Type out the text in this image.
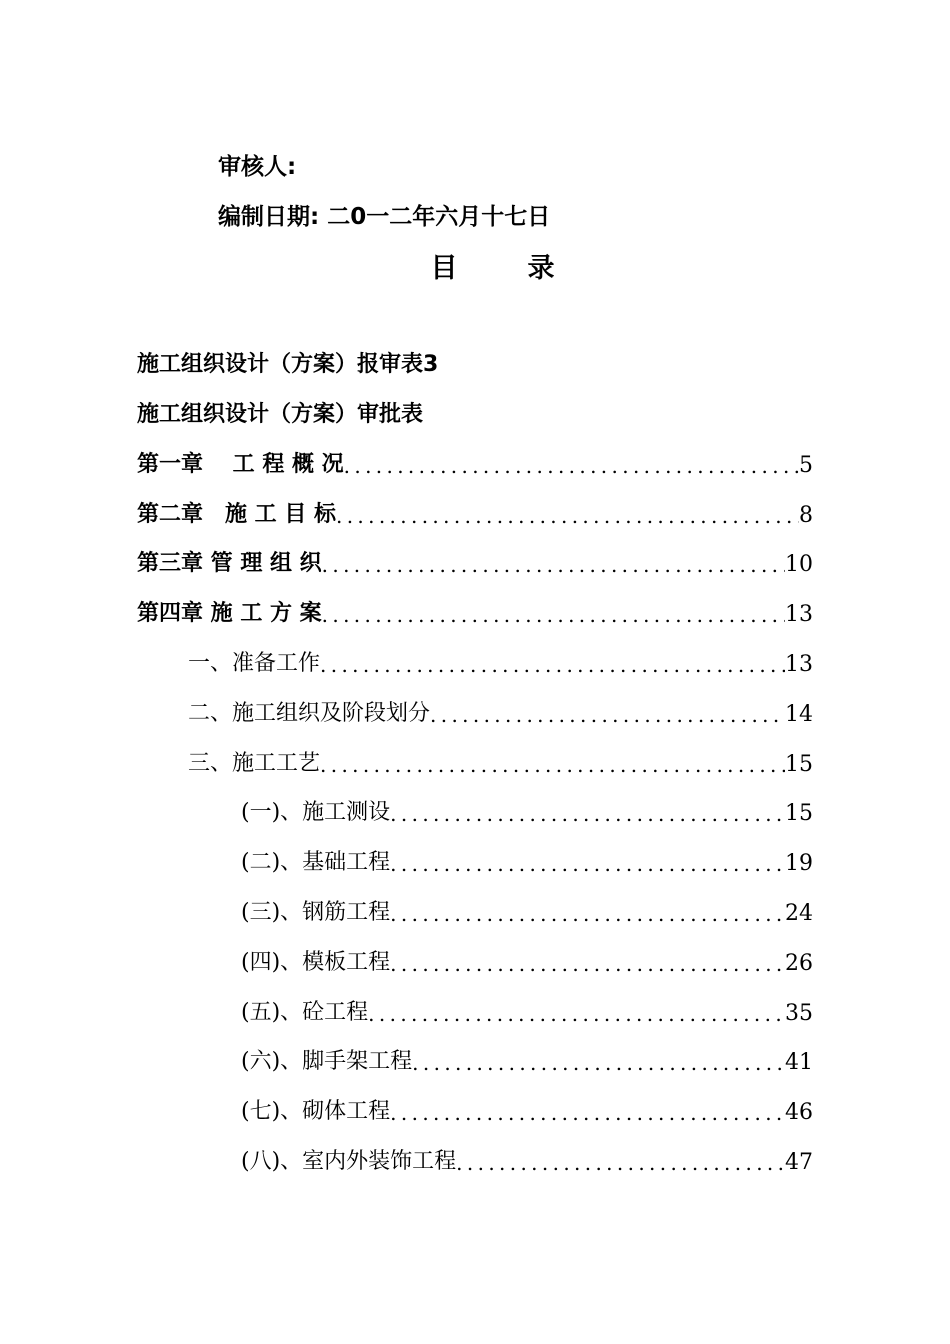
审核人:
编制日期: 二0一二年六月十七日
目	录
施工组织设计（方案）报审表3
施工组织设计（方案）审批表
第一章　 工 程 概 况 . . .	5
第二章　施 工 目 标 . . .	8
第三章 管 理 组 织 . . .	10
第四章 施 工 方 案 . . .	13
一、准备工作 . . .	13
二、施工组织及阶段划分 . . .	14
三、施工工艺 . . .	15
(一)、施工测设 . . .	15
(二)、基础工程 . . .	19
(三)、钢筋工程 . . .	24
(四)、模板工程 . . .	26
(五)、砼工程 . . .	35
(六)、脚手架工程 . . .	41
(七)、砌体工程 . . .	46
(八)、室内外装饰工程 . . .	47
